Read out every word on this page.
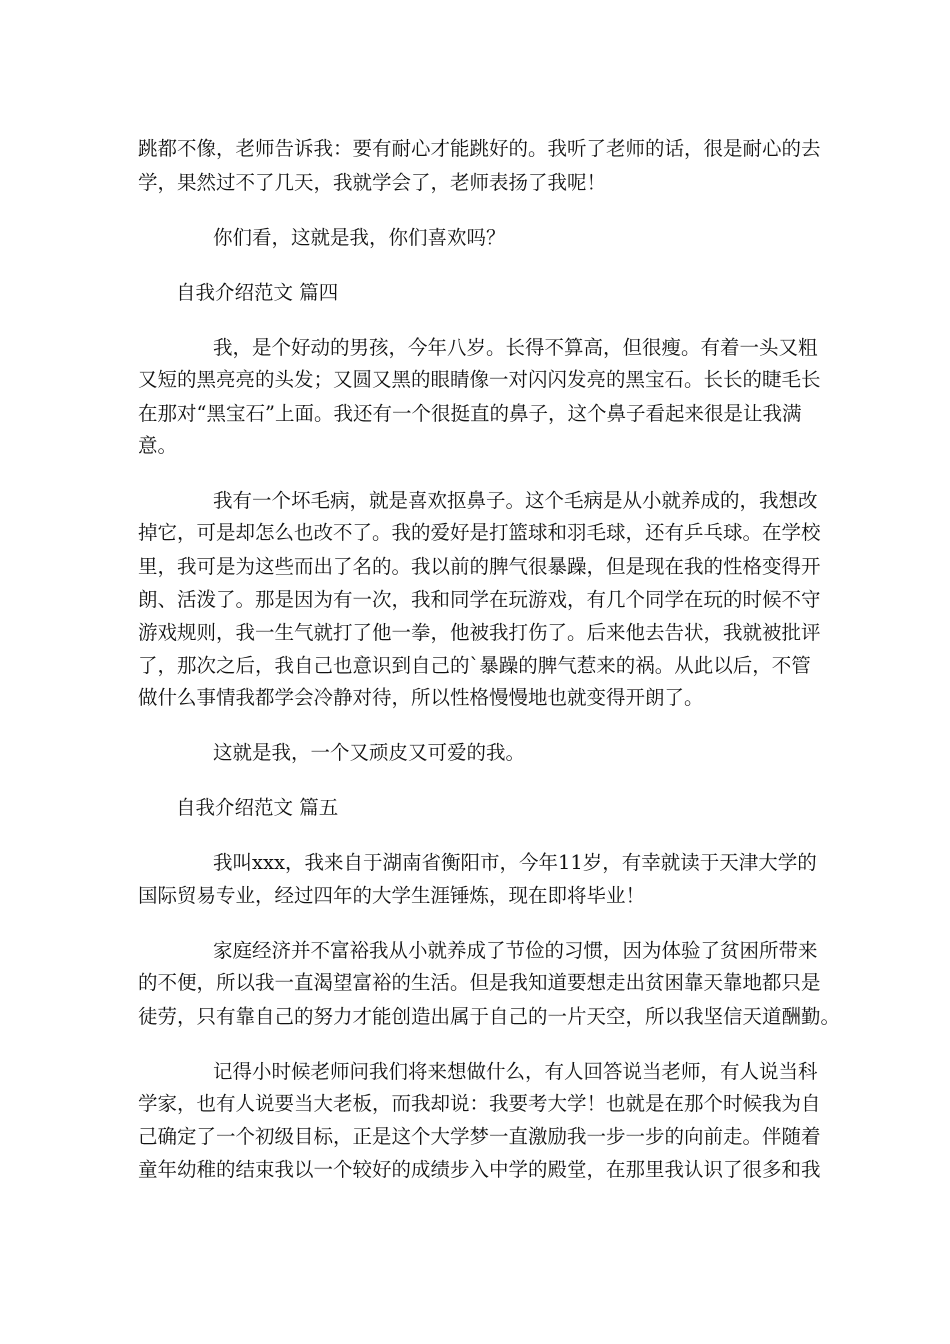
跳都不像，老师告诉我：要有耐心才能跳好的。我听了老师的话，很是耐心的去
学，果然过不了几天，我就学会了，老师表扬了我呢！
你们看，这就是我，你们喜欢吗？
自我介绍范文 篇四
我，是个好动的男孩，今年八岁。长得不算高，但很瘦。有着一头又粗
又短的黑亮亮的头发；又圆又黑的眼睛像一对闪闪发亮的黑宝石。长长的睫毛长
在那对“黑宝石”上面。我还有一个很挺直的鼻子，这个鼻子看起来很是让我满
意。
我有一个坏毛病，就是喜欢抠鼻子。这个毛病是从小就养成的，我想改
掉它，可是却怎么也改不了。我的爱好是打篮球和羽毛球，还有乒乓球。在学校
里，我可是为这些而出了名的。我以前的脾气很暴躁，但是现在我的性格变得开
朗、活泼了。那是因为有一次，我和同学在玩游戏，有几个同学在玩的时候不守
游戏规则，我一生气就打了他一拳，他被我打伤了。后来他去告状，我就被批评
了，那次之后，我自己也意识到自己的`暴躁的脾气惹来的祸。从此以后，不管
做什么事情我都学会冷静对待，所以性格慢慢地也就变得开朗了。
这就是我，一个又顽皮又可爱的我。
自我介绍范文 篇五
我叫xxx，我来自于湖南省衡阳市，今年11岁，有幸就读于天津大学的
国际贸易专业，经过四年的大学生涯锤炼，现在即将毕业！
家庭经济并不富裕我从小就养成了节俭的习惯，因为体验了贫困所带来
的不便，所以我一直渴望富裕的生活。但是我知道要想走出贫困靠天靠地都只是
徒劳，只有靠自己的努力才能创造出属于自己的一片天空，所以我坚信天道酬勤。
记得小时候老师问我们将来想做什么，有人回答说当老师，有人说当科
学家，也有人说要当大老板，而我却说：我要考大学！也就是在那个时候我为自
己确定了一个初级目标，正是这个大学梦一直激励我一步一步的向前走。伴随着
童年幼稚的结束我以一个较好的成绩步入中学的殿堂，在那里我认识了很多和我
